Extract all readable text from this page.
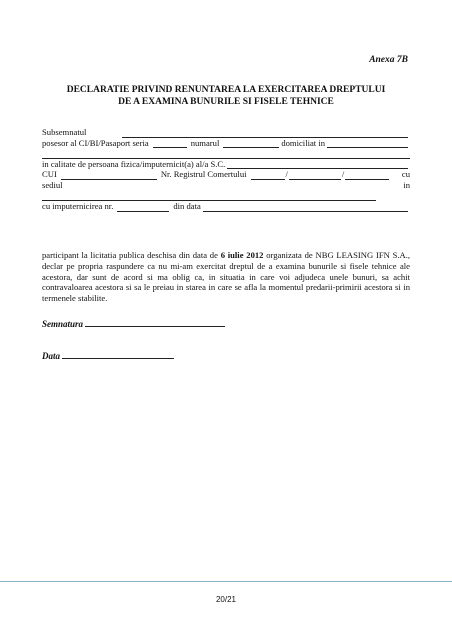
Anexa 7B
DECLARATIE PRIVIND RENUNTAREA LA EXERCITAREA DREPTULUI
DE A EXAMINA BUNURILE SI FISELE TEHNICE
Subsemnatul
posesor al CI/BI/Pasaport seria	numarul	domiciliat in
in calitate de persoana fizica/imputernicit(a) al/a S.C.
CUI	Nr. Registrul Comertului	/	/	cu
sediul	in
cu imputernicirea nr.	din data
participant la licitatia publica deschisa din data de 6 iulie 2012 organizata de NBG LEASING IFN S.A., declar pe propria raspundere ca nu mi-am exercitat dreptul de a examina bunurile si fisele tehnice ale acestora, dar sunt de acord si ma oblig ca, in situatia in care voi adjudeca unele bunuri, sa achit contravaloarea acestora si sa le preiau in starea in care se afla la momentul predarii-primirii acestora si in termenele stabilite.
Semnatura
Data
20/21
